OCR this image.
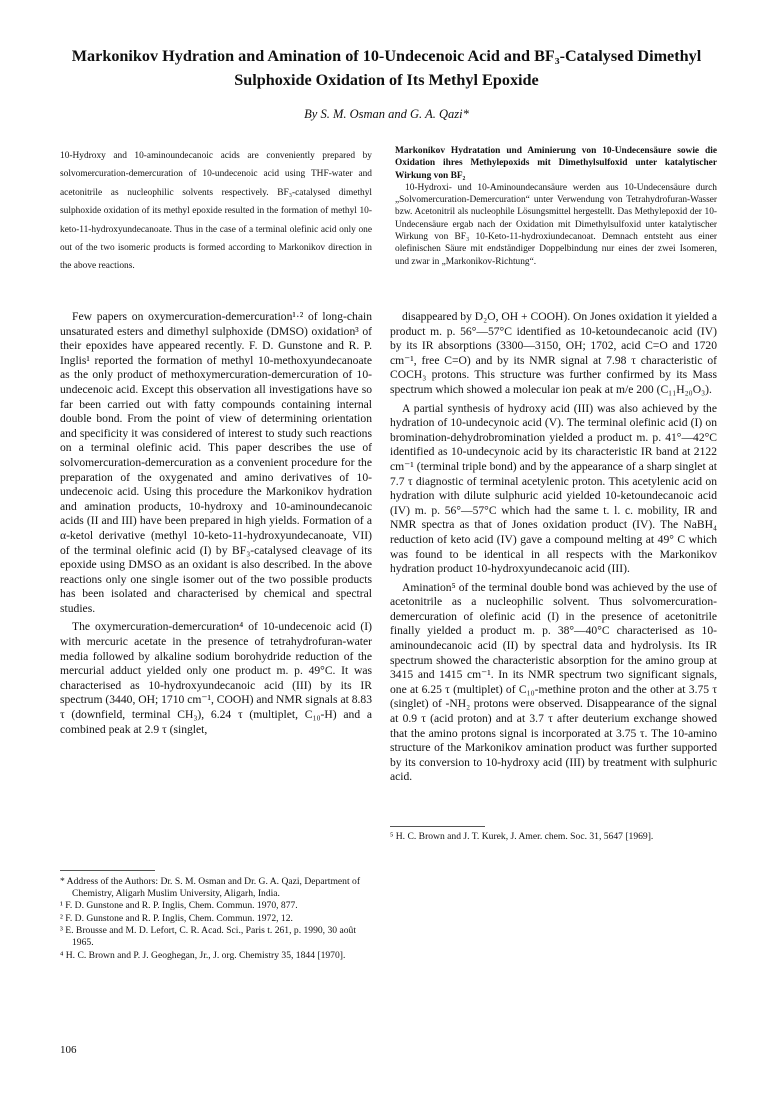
Markonikov Hydration and Amination of 10-Undecenoic Acid and BF₃-Catalysed Dimethyl Sulphoxide Oxidation of Its Methyl Epoxide
By S. M. Osman and G. A. Qazi*

10-Hydroxy and 10-aminoundecanoic acids are conveniently prepared by solvomercuration-demercuration of 10-undecenoic acid using THF-water and acetonitrile as nucleophilic solvents respectively. BF₃-catalysed dimethyl sulphoxide oxidation of its methyl epoxide resulted in the formation of methyl 10-keto-11-hydroxyundecanoate. Thus in the case of a terminal olefinic acid only one out of the two isomeric products is formed according to Markonikov direction in the above reactions.

Markonikov Hydratation und Aminierung von 10-Undecensäure sowie die Oxidation ihres Methylepoxids mit Dimethylsulfoxid unter katalytischer Wirkung von BF₂

10-Hydroxi- und 10-Aminoundecansäure werden aus 10-Undecensäure durch „Solvomercuration-Demercuration“ unter Verwendung von Tetrahydrofuran-Wasser bzw. Acetonitril als nucleophile Lösungsmittel hergestellt. Das Methylepoxid der 10-Undecensäure ergab nach der Oxidation mit Dimethylsulfoxid unter katalytischer Wirkung von BF₃ 10-Keto-11-hydroxiundecanoat. Demnach entsteht aus einer olefinischen Säure mit endständiger Doppelbindung nur eines der zwei Isomeren, und zwar in „Markonikov-Richtung“.

Few papers on oxymercuration-demercuration¹·² of long-chain unsaturated esters and dimethyl sulphoxide (DMSO) oxidation³ of their epoxides have appeared recently. F. D. Gunstone and R. P. Inglis¹ reported the formation of methyl 10-methoxyundecanoate as the only product of methoxymercuration-demercuration of 10-undecenoic acid. Except this observation all investigations have so far been carried out with fatty compounds containing internal double bond. From the point of view of determining orientation and specificity it was considered of interest to study such reactions on a terminal olefinic acid. This paper describes the use of solvomercuration-demercuration as a convenient procedure for the preparation of the oxygenated and amino derivatives of 10-undecenoic acid. Using this procedure the Markonikov hydration and amination products, 10-hydroxy and 10-aminoundecanoic acids (II and III) have been prepared in high yields. Formation of a α-ketol derivative (methyl 10-keto-11-hydroxyundecanoate, VII) of the terminal olefinic acid (I) by BF₃-catalysed cleavage of its epoxide using DMSO as an oxidant is also described. In the above reactions only one single isomer out of the two possible products has been isolated and characterised by chemical and spectral studies.

The oxymercuration-demercuration⁴ of 10-undecenoic acid (I) with mercuric acetate in the presence of tetrahydrofuran-water media followed by alkaline sodium borohydride reduction of the mercurial adduct yielded only one product m. p. 49°C. It was characterised as 10-hydroxyundecanoic acid (III) by its IR spectrum (3440, OH; 1710 cm⁻¹, COOH) and NMR signals at 8.83 τ (downfield, terminal CH₃), 6.24 τ (multiplet, C₁₀-H) and a combined peak at 2.9 τ (singlet,

disappeared by D₂O, OH + COOH). On Jones oxidation it yielded a product m. p. 56°—57°C identified as 10-ketoundecanoic acid (IV) by its IR absorptions (3300—3150, OH; 1702, acid C=O and 1720 cm⁻¹, free C=O) and by its NMR signal at 7.98 τ characteristic of COCH₃ protons. This structure was further confirmed by its Mass spectrum which showed a molecular ion peak at m/e 200 (C₁₁H₂₀O₃).

A partial synthesis of hydroxy acid (III) was also achieved by the hydration of 10-undecynoic acid (V). The terminal olefinic acid (I) on bromination-dehydrobromination yielded a product m. p. 41°—42°C identified as 10-undecynoic acid by its characteristic IR band at 2122 cm⁻¹ (terminal triple bond) and by the appearance of a sharp singlet at 7.7 τ diagnostic of terminal acetylenic proton. This acetylenic acid on hydration with dilute sulphuric acid yielded 10-ketoundecanoic acid (IV) m. p. 56°—57°C which had the same t. l. c. mobility, IR and NMR spectra as that of Jones oxidation product (IV). The NaBH₄ reduction of keto acid (IV) gave a compound melting at 49° C which was found to be identical in all respects with the Markonikov hydration product 10-hydroxyundecanoic acid (III).

Amination⁵ of the terminal double bond was achieved by the use of acetonitrile as a nucleophilic solvent. Thus solvomercuration-demercuration of olefinic acid (I) in the presence of acetonitrile finally yielded a product m. p. 38°—40°C characterised as 10-aminoundecanoic acid (II) by spectral data and hydrolysis. Its IR spectrum showed the characteristic absorption for the amino group at 3415 and 1415 cm⁻¹. In its NMR spectrum two significant signals, one at 6.25 τ (multiplet) of C₁₀-methine proton and the other at 3.75 τ (singlet) of -NH₂ protons were observed. Disappearance of the signal at 0.9 τ (acid proton) and at 3.7 τ after deuterium exchange showed that the amino protons signal is incorporated at 3.75 τ. The 10-amino structure of the Markonikov amination product was further supported by its conversion to 10-hydroxy acid (III) by treatment with sulphuric acid.

* Address of the Authors: Dr. S. M. Osman and Dr. G. A. Qazi, Department of Chemistry, Aligarh Muslim University, Aligarh, India.

¹ F. D. Gunstone and R. P. Inglis, Chem. Commun. 1970, 877.

² F. D. Gunstone and R. P. Inglis, Chem. Commun. 1972, 12.

³ E. Brousse and M. D. Lefort, C. R. Acad. Sci., Paris t. 261, p. 1990, 30 août 1965.

⁴ H. C. Brown and P. J. Geoghegan, Jr., J. org. Chemistry 35, 1844 [1970].

⁵ H. C. Brown and J. T. Kurek, J. Amer. chem. Soc. 31, 5647 [1969].

106
